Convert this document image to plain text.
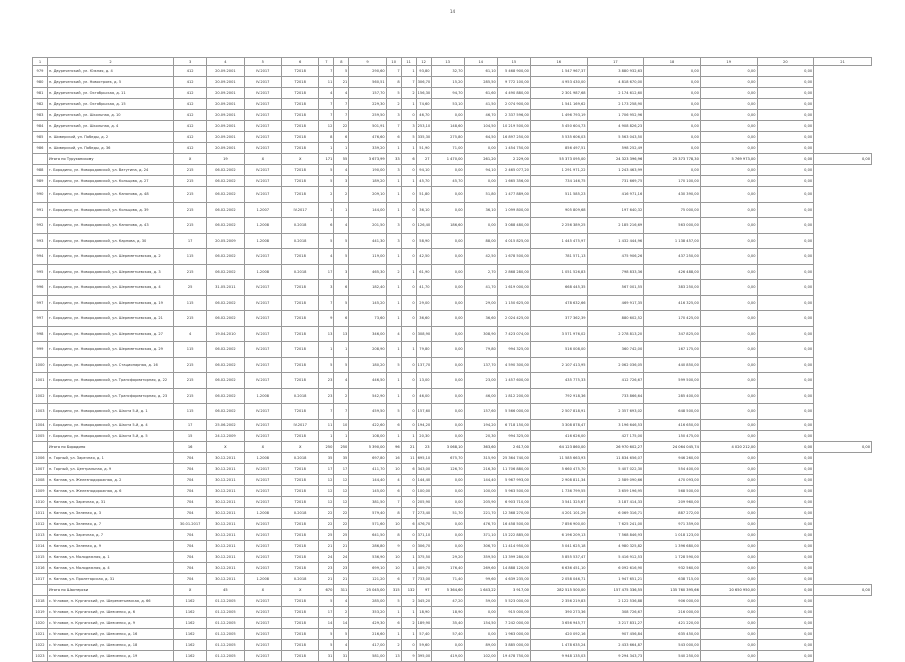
14
1	2	3	4	5	6	7	8	9	10	11	12	13	14	15	16	17	18	19	20	21
979	п. Двуреченский, ул. Южная, д. 4	412	20.09.2001	IV.2017	Т2018	7	5	290,60	7	1	93,80	32,70	61,10	5 468 900,00	1 547 967,37	3 880 932,63	0,00	0,00	0,00	
980	п. Двуреченский, ул. Новостроек, д. 5	412	20.09.2001	IV.2017	Т2018	11	21	560,51	8	7	306,70	15,20	285,50	9 772 100,00	4 953 430,00	4 818 670,00	0,00	0,00	0,00	
981	п. Двуреченский, ул. Октябрьская, д. 11	412	20.09.2001	IV.2017	Т2018	4	4	157,70	5	2	156,30	94,70	61,60	4 490 880,00	2 301 987,68	2 174 612,60	0,00	0,00	0,00	
982	п. Двуреченский, ул. Октябрьская, д. 15	412	20.09.2001	IV.2017	Т2018	7	7	229,30	2	1	74,60	53,10	41,50	2 074 900,00	1 541 169,62	2 173 258,90	0,00	0,00	0,00	
983	п. Двуреченский, ул. Школьная, д. 10	412	20.09.2001	IV.2017	Т2018	7	7	259,50	3	0	46,70	0,00	46,70	2 337 596,00	1 496 793,19	1 706 952,96	0,00	0,00	0,00	
984	п. Двуреченский, ул. Школьная, д. 4	412	20.09.2001	IV.2017	Т2018	12	22	501,91	7	3	253,10	148,60	104,50	10 219 500,00	5 450 604,73	4 908 826,23	0,00	0,00	0,00	
985	п. Шиверский, ул. Победы, д. 2	412	20.09.2001	IV.2017	Т2018	8	6	476,60	6	5	335,30	275,80	64,50	16 897 250,00	5 535 606,03	5 563 043,50	0,00	0,00	0,00	
986	п. Шиверский, ул. Победы, д. 36	412	20.09.2001	IV.2017	Т2018	1	1	339,20	1	1	51,90	71,00	0,00	1 454 750,00	856 497,51	598 252,49	0,00	0,00	0,00	
	Итого по Туруханскому	Х	19	Х	Х	171	55	3 673,99	33	6	27	1 470,00	261,20	2 229,00	55 373 095,00	24 323 396,96	25 373 778,30	5 769 973,00	0,00	0,00
988	г. Бородино, ул. Новородовской, ул. Ватутина, д. 24	215	06.02.2002	IV.2017	Т2018	5	4	190,00	3	0	94,10	0,00	94,10	2 465 077,20	1 291 971,22	1 243 463,99	0,00	0,00	0,00	
989	г. Бородино, ул. Новородовской, ул. Кольцова, д. 27	215	06.02.2002	IV.2017	Т2018	5	3	189,20	1	1	45,70	45,70	0,00	1 665 356,00	734 146,75	731 669,75	170 100,00	0,00	0,00	
990	г. Бородино, ул. Новородовской, ул. Канонова, д. 48	215	06.02.2002	IV.2017	Т2018	2	2	209,10	1	0	51,80	0,00	51,80	1 477 889,00	511 585,23	416 971,16	430 390,00	0,00	0,00	
991	г. Бородино, ул. Новородовской, ул. Кольцова, д. 39	215	06.02.2002	1.2007	IV.2017	1	1	144,00	1	0	36,10	0,00	36,10	1 099 800,00	905 809,68	197 640,32	75 000,00	0,00	0,00	
992	г. Бородино, ул. Новородовской, ул. Канонова, д. 43	215	06.02.2002	1.2008	II.2018	6	4	201,50	3	0	126,40	186,60	0,00	3 088 480,00	2 256 389,25	2 185 216,69	563 000,00	0,00	0,00	
993	г. Бородино, ул. Новородовской, ул. Карпова, д. 30	17	20.05.2009	1.2008	II.2018	5	5	441,30	3	0	58,90	0,00	88,00	4 015 825,00	1 445 475,97	1 432 444,96	1 138 457,00	0,00	0,00	
994	г. Бородино, ул. Новородовской, ул. Шереметьевская, д. 2	115	06.02.2002	IV.2017	Т2018	4	5	119,00	1	0	42,50	0,00	42,50	1 678 500,00	781 571,13	475 906,26	437 250,00	0,00	0,00	
995	г. Бородино, ул. Новородовской, ул. Шереметьевская, д. 3	215	06.02.2002	1.2008	II.2018	17	3	465,30	2	1	61,90	0,00	2,70	2 868 280,00	1 051 526,83	798 833,36	426 488,00	0,00	0,00	
996	г. Бородино, ул. Новородовской, ул. Шереметьевская, д. 4	25	31.05.2011	IV.2017	Т2018	3	6	182,40	1	0	41,70	0,00	41,70	1 619 000,00	668 445,35	567 001,55	383 250,00	0,00	0,00	
997	г. Бородино, ул. Новородовской, ул. Шереметьевская, д. 19	115	06.02.2002	IV.2017	Т2018	7	5	145,20	1	0	29,00	0,00	29,00	1 150 625,00	478 632,66	469 917,35	416 325,00	0,00	0,00	
997	г. Бородино, ул. Новородовской, ул. Шереметьевская, д. 21	215	06.02.2002	IV.2017	Т2018	9	6	73,60	1	0	36,60	0,00	36,60	2 024 425,00	377 362,39	880 602,52	170 425,00	0,00	0,00	
998	г. Бородино, ул. Новородовской, ул. Шереметьевская, д. 27	4	19.04.2010	IV.2017	Т2018	13	13	346,00	4	0	308,90	0,00	308,90	7 423 074,00	3 571 976,02	2 278 813,20	347 825,00	0,00	0,00	
999	г. Бородино, ул. Новородовской, ул. Шереметьевская, д. 29	115	06.02.2002	IV.2017	Т2018	1	1	208,90	1	1	79,80	0,00	79,80	994 325,00	516 008,00	360 742,00	167 175,00	0,00	0,00	
1000	г. Бородино, ул. Новородовской, ул. Стационарная, д. 16	215	06.02.2002	IV.2017	Т2018	5	5	180,20	5	0	137,70	0,00	137,70	4 590 300,00	2 107 413,95	2 062 036,05	440 850,00	0,00	0,00	
1001	г. Бородино, ул. Новородовской, ул. Трансформаторная, д. 22	215	06.02.2002	IV.2017	Т2018	23	4	446,50	1	0	13,00	0,00	23,00	1 457 600,00	435 775,33	412 726,67	599 500,00	0,00	0,00	
1002	г. Бородино, ул. Новородовской, ул. Трансформаторная, д. 23	215	06.02.2002	1.2008	II.2018	23	2	542,90	1	0	46,00	0,00	46,00	1 812 200,00	792 918,36	733 866,64	285 400,00	0,00	0,00	
1003	г. Бородино, ул. Новородовской, ул. Шахта 5-й, д. 1	115	06.02.2002	IV.2017	Т2018	7	7	459,50	5	0	157,60	0,00	157,60	5 566 000,00	2 507 818,91	2 357 693,02	648 500,00	0,00	0,00	
1004	г. Бородино, ул. Новородовской, ул. Шахта 5-й, д. 4	17	25.06.2002	IV.2017	IV.2017	11	10	422,60	6	0	194,20	0,00	194,20	6 718 150,00	3 308 878,47	3 196 646,53	416 650,00	0,00	0,00	
1005	г. Бородино, ул. Новородовской, ул. Шахта 5-й, д. 5	15	24.12.2009	IV.2017	Т2018	1	1	108,00	1	1	20,30	0,00	20,30	994 325,00	416 626,00	427 175,00	150 475,00	0,00	0,00	
	Итого по Бородино	16	Х	Х	Х	250	250	5 390,00	96	21	23	3 068,10	363,60	2 617,00	64 123 860,00	26 970 602,27	24 064 045,74	4 020 212,00	0,00	0,00
1006	п. Горный, ул. Заречная, д. 1	704	30.12.2011	1.2008	II.2018	35	35	697,80	16	11	695,10	675,70	315,90	25 364 740,00	11 585 663,93	11 834 656,07	946 260,00	0,00	0,00	
1007	п. Горный, ул. Центральная, д. 9	704	30.12.2011	IV.2017	Т2018	17	17	411,70	10	6	343,00	126,70	216,30	11 706 880,00	5 660 475,70	5 407 022,30	554 400,00	0,00	0,00	
1008	п. Канзав, ул. Железнодорожная, д. 2	704	30.12.2011	IV.2017	Т2018	12	12	144,40	4	0	144,40	0,00	144,40	5 967 993,00	2 908 811,34	2 589 090,66	470 093,00	0,00	0,00	
1009	п. Канзав, ул. Железнодорожная, д. 6	704	30.12.2011	IV.2017	Т2018	12	12	145,00	6	0	100,00	0,00	100,00	5 963 500,00	1 736 799,55	3 659 196,95	568 500,00	0,00	0,00	
1010	п. Канзав, ул. Заречная, д. 31	704	30.12.2011	IV.2017	Т2018	12	12	381,50	7	0	205,90	0,00	205,90	6 903 710,00	3 541 325,67	3 187 414,33	209 960,00	0,00	0,00	
1011	п. Канзав, ул. Зеленая, д. 3	704	30.12.2011	1.2008	II.2018	22	22	579,40	8	7	273,40	51,70	221,70	12 368 270,00	4 201 101,29	6 069 316,71	887 272,00	0,00	0,00	
1012	п. Канзав, ул. Зеленая, д. 7	30.01.2017	30.12.2011	IV.2017	Т2018	22	22	571,60	10	6	476,70	0,00	476,70	16 458 500,00	7 856 900,00	7 625 241,00	971 359,00	0,00	0,00	
1013	п. Канзав, ул. Заречная, д. 7	704	30.12.2011	IV.2017	Т2018	25	25	641,50	8	0	371,10	0,00	371,10	15 222 885,00	6 196 209,13	7 568 846,93	1 018 123,00	0,00	0,00	
1014	п. Канзав, ул. Зеленая, д. 9	704	30.12.2011	IV.2017	Т2018	21	21	286,80	9	0	306,70	0,00	306,70	11 414 950,00	5 041 625,18	4 980 325,82	1 396 680,00	0,00	0,00	
1015	п. Канзав, ул. Молодежная, д. 1	704	30.12.2011	IV.2017	Т2018	24	24	536,90	10	1	375,50	29,20	359,50	13 399 280,00	5 855 537,47	5 416 912,53	1 728 590,00	0,00	0,00	
1016	п. Канзав, ул. Молодежная, д. 4	704	30.12.2011	IV.2017	Т2018	23	23	699,10	10	1	409,70	176,40	269,60	14 888 120,00	6 636 451,10	6 092 616,90	932 560,00	0,00	0,00	
1017	п. Канзав, ул. Пролетарская, д. 31	704	30.12.2011	1.2008	II.2018	21	21	121,20	6	7	733,00	71,40	99,60	4 639 235,00	2 058 046,71	1 947 651,21	638 715,00	0,00	0,00	
	Итого по Шахтерски	Х	45	Х	Х	670	311	25 045,00	315	132	97	5 364,60	1 643,22	3 917,00	282 515 500,00	157 475 336,55	135 760 395,66	20 650 950,00	0,00	0,00
1018	с. Угловое, п. Курганский, ул. Шереметьевская, д. 66	1162	01.12.2005	IV.2017	Т2018	5	4	285,00	5	2	345,20	47,20	59,00	5 523 000,00	2 356 219,83	2 122 536,88	906 000,00	0,00	0,00	
1019	с. Угловое, п. Курганский, ул. Шевченко, д. 6	1162	01.12.2005	IV.2017	Т2018	17	2	353,20	1	1	18,90	18,90	0,00	915 000,00	390 273,36	308 726,67	216 000,00	0,00	0,00	
1020	с. Угловое, п. Курганский, ул. Шевченко, д. 9	1162	01.12.2005	IV.2017	Т2018	14	14	429,30	6	2	189,90	35,40	154,50	7 242 000,00	3 656 945,77	3 217 831,27	421 220,00	0,00	0,00	
1021	с. Угловое, п. Курганский, ул. Шевченко, д. 16	1162	01.12.2005	IV.2017	Т2018	5	5	216,60	1	1	57,40	57,40	0,00	1 963 000,00	420 092,16	907 456,84	635 450,00	0,00	0,00	
1022	с. Угловое, п. Курганский, ул. Шевченко, д. 18	1162	01.12.2005	IV.2017	Т2018	5	4	417,00	2	0	59,60	0,00	89,00	3 885 000,00	1 478 635,24	2 433 664,87	543 000,00	0,00	0,00	
1023	с. Угловое, п. Курганский, ул. Шевченко, д. 19	1162	01.12.2005	IV.2017	Т2018	31	31	581,00	13	9	395,00	419,00	102,00	19 478 750,00	9 948 135,03	9 294 343,73	540 250,00	0,00	0,00	
